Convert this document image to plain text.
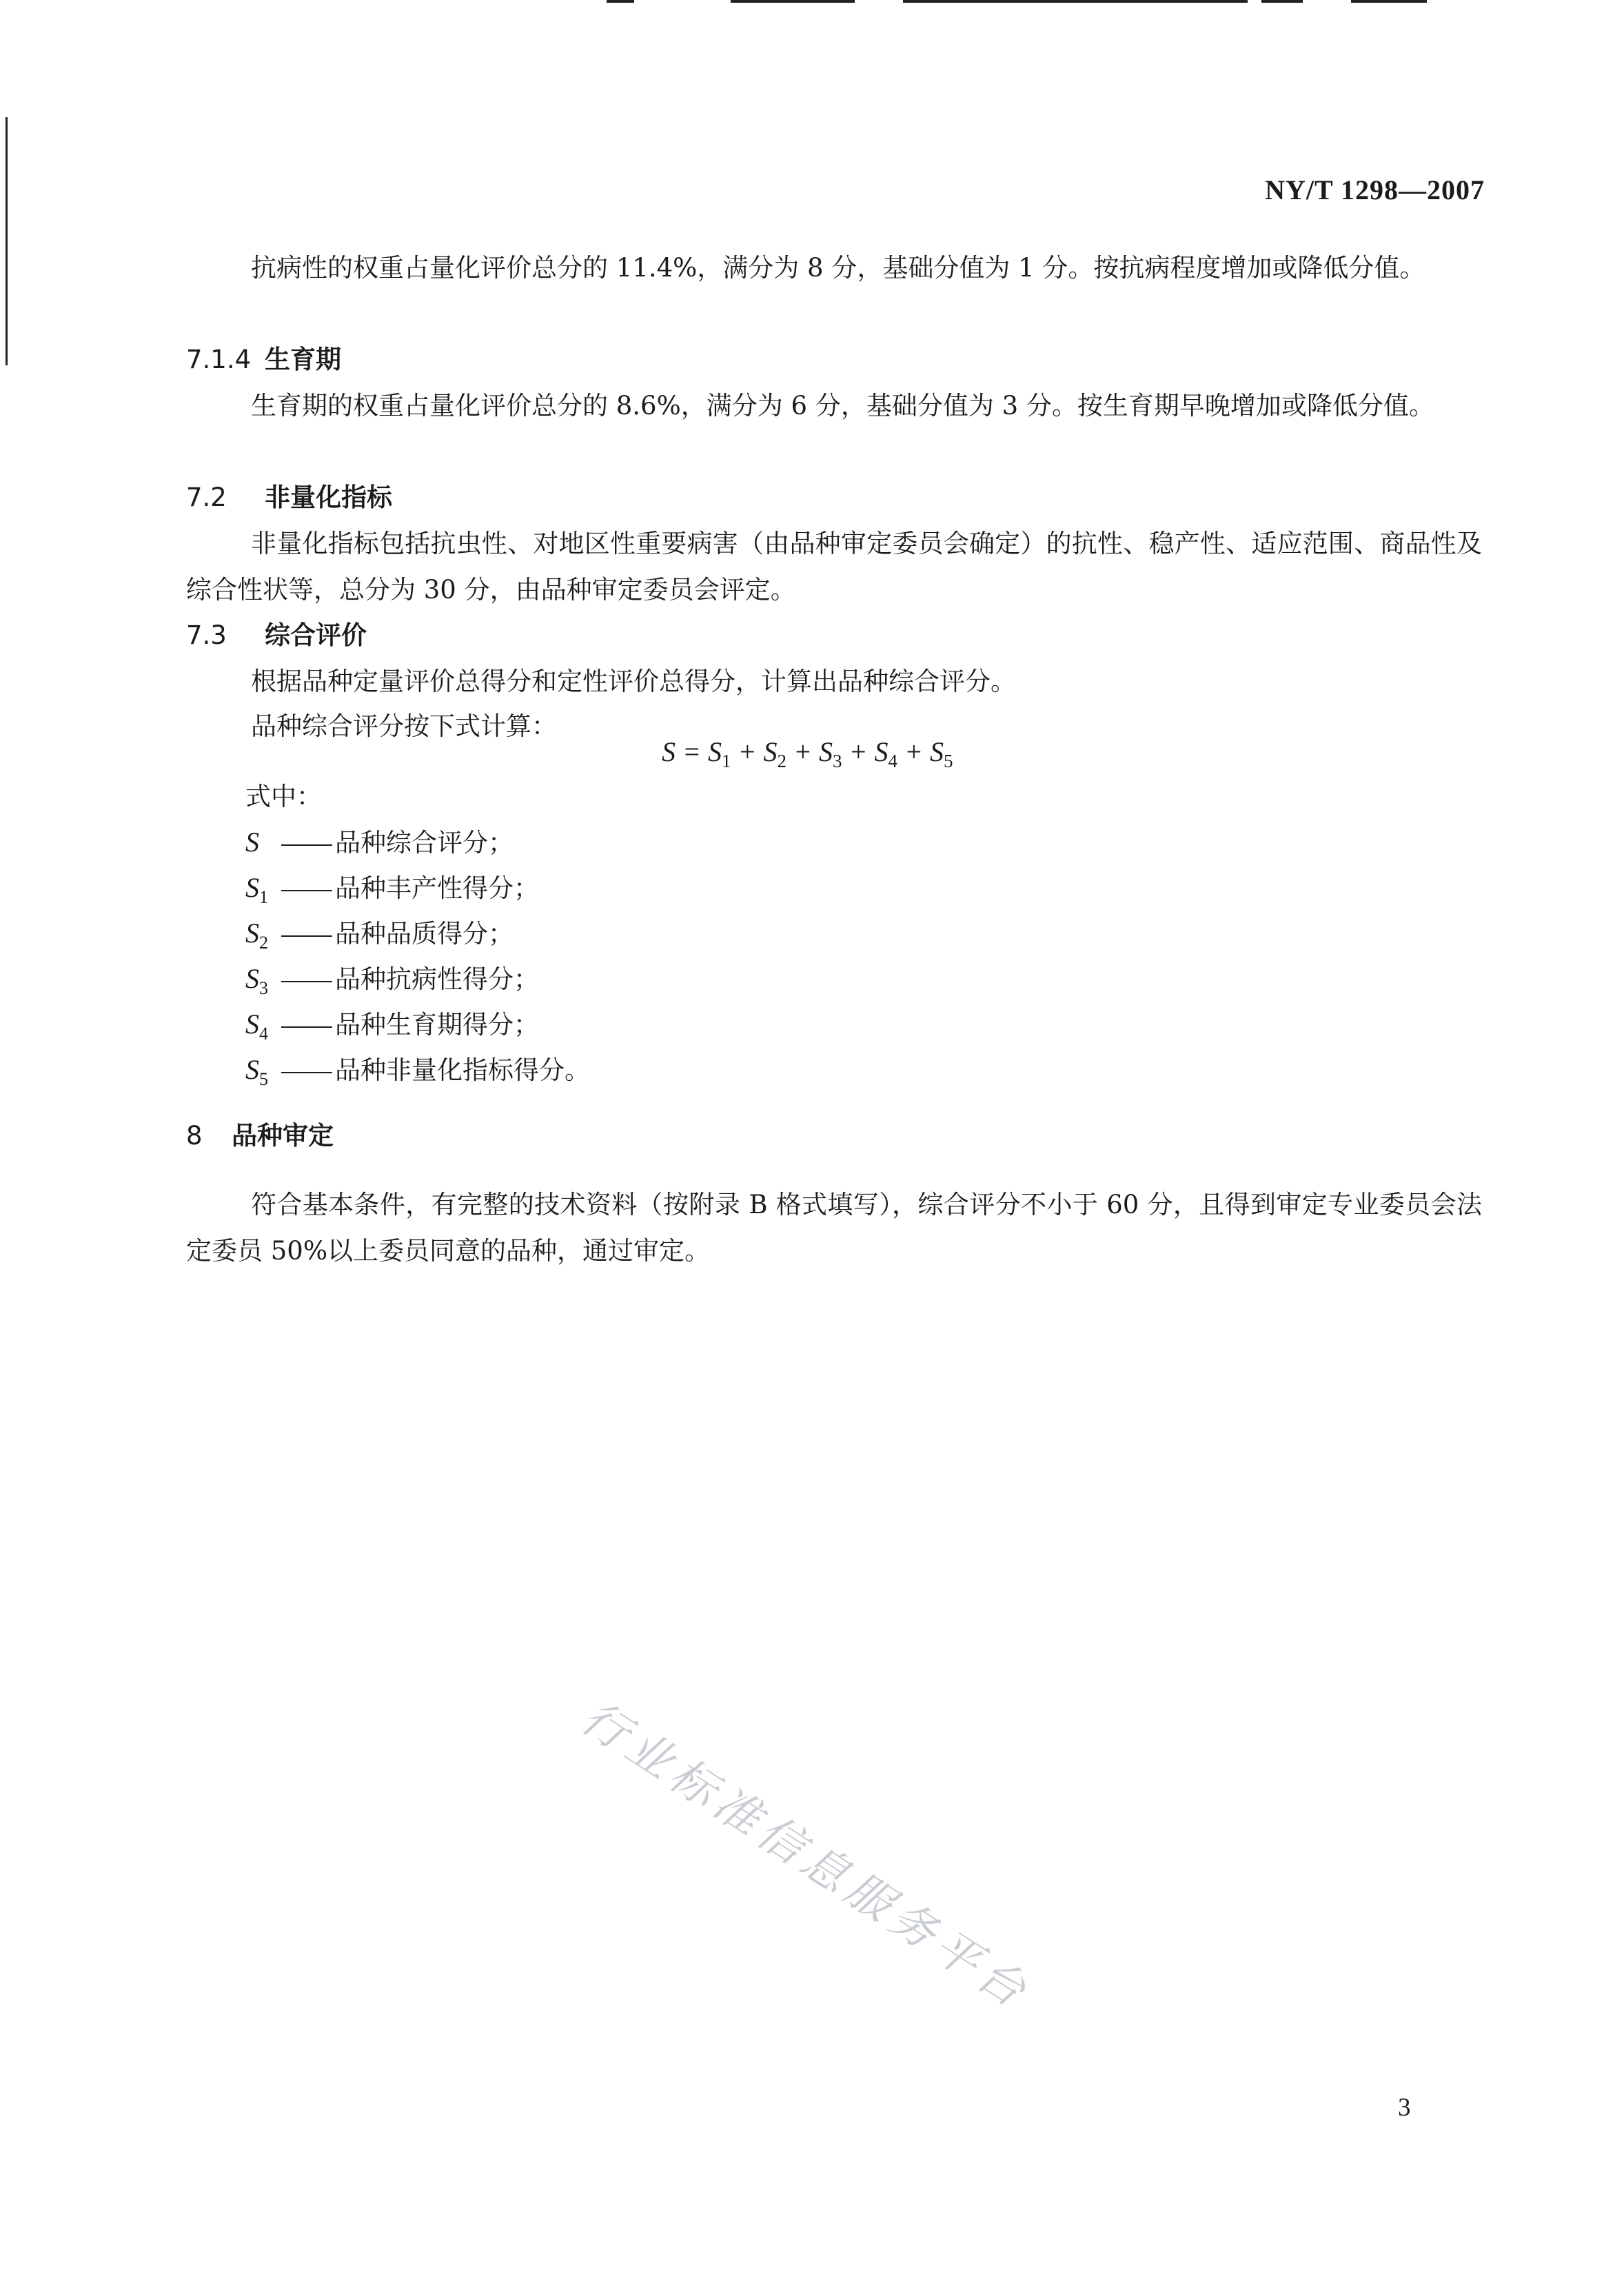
NY/T 1298—2007

抗病性的权重占量化评价总分的 11.4%，满分为 8 分，基础分值为 1 分。按抗病程度增加或降低分值。

7.1.4 生育期

生育期的权重占量化评价总分的 8.6%，满分为 6 分，基础分值为 3 分。按生育期早晚增加或降低分值。

7.2 非量化指标

非量化指标包括抗虫性、对地区性重要病害（由品种审定委员会确定）的抗性、稳产性、适应范围、商品性及综合性状等，总分为 30 分，由品种审定委员会评定。

7.3 综合评价

根据品种定量评价总得分和定性评价总得分，计算出品种综合评分。

品种综合评分按下式计算：

$S = S_1 + S_2 + S_3 + S_4 + S_5$

式中：

S	品种综合评分；
$S_1$	品种丰产性得分；
$S_2$	品种品质得分；
$S_3$	品种抗病性得分；
$S_4$	品种生育期得分；
$S_5$	品种非量化指标得分。
8 品种审定

符合基本条件，有完整的技术资料（按附录 B 格式填写），综合评分不小于 60 分，且得到审定专业委员会法定委员 50%以上委员同意的品种，通过审定。

行业标准信息服务平台
3
